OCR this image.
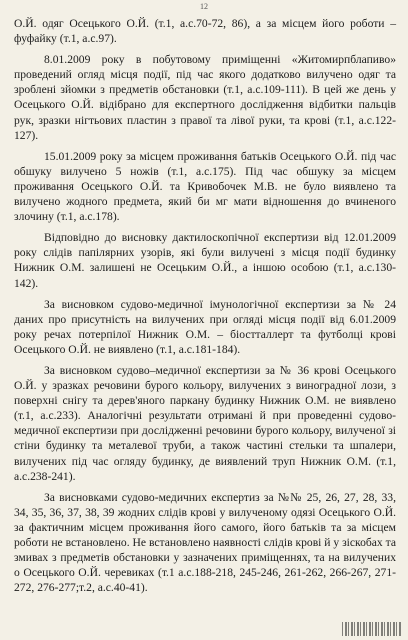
12

О.Й. одяг Осецького О.Й. (т.1, а.с.70-72, 86), а за місцем його роботи – фуфайку (т.1, а.с.97).

8.01.2009 року в побутовому приміщенні «Житомирпблапиво» проведений огляд місця події, під час якого додатково вилучено одяг та зроблені зйомки з предметів обстановки (т.1, а.с.109-111). В цей же день у Осецького О.Й. відібрано для експертного дослідження відбитки пальців рук, зразки нігтьових пластин з правої та лівої руки, та крові (т.1, а.с.122-127).

15.01.2009 року за місцем проживання батьків Осецького О.Й. під час обшуку вилучено 5 ножів (т.1, а.с.175). Під час обшуку за місцем проживання Осецького О.Й. та Кривобочек М.В. не було виявлено та вилучено жодного предмета, який би мг мати відношення до вчиненого злочину (т.1, а.с.178).

Відповідно до висновку дактилоскопічної експертизи від 12.01.2009 року слідів папілярних узорів, які були вилучені з місця події будинку Нижник О.М. залишені не Осецьким О.Й., а іншою особою (т.1, а.с.130-142).

За висновком судово-медичної імунологічної експертизи за № 24 даних про присутність на вилучених при огляді місця події від 6.01.2009 року речах потерпілої Нижник О.М. – біостталлерт та футболці крові Осецького О.Й. не виявлено (т.1, а.с.181-184).

За висновком судово–медичної експертизи за № 36 крові Осецького О.Й. у зразках речовини бурого кольору, вилучених з виноградної лози, з поверхні снігу та дерев'яного паркану будинку Нижник О.М. не виявлено (т.1, а.с.233). Аналогічні результати отримані й при проведенні судово-медичної експертизи при дослідженні речовини бурого кольору, вилученої зі стіни будинку та металевої труби, а також частині стельки та шпалери, вилучених під час огляду будинку, де виявлений труп Нижник О.М. (т.1, а.с.238-241).

За висновками судово-медичних експертиз за №№ 25, 26, 27, 28, 33, 34, 35, 36, 37, 38, 39 жодних слідів крові у вилученому одязі Осецького О.Й. за фактичним місцем проживання його самого, його батьків та за місцем роботи не встановлено. Не встановлено наявності слідів крові й у зіскобах та змивах з предметів обстановки у зазначених приміщеннях, та на вилучених о Осецького О.Й. черевиках (т.1 а.с.188-218, 245-246, 261-262, 266-267, 271-272, 276-277;т.2, а.с.40-41).
